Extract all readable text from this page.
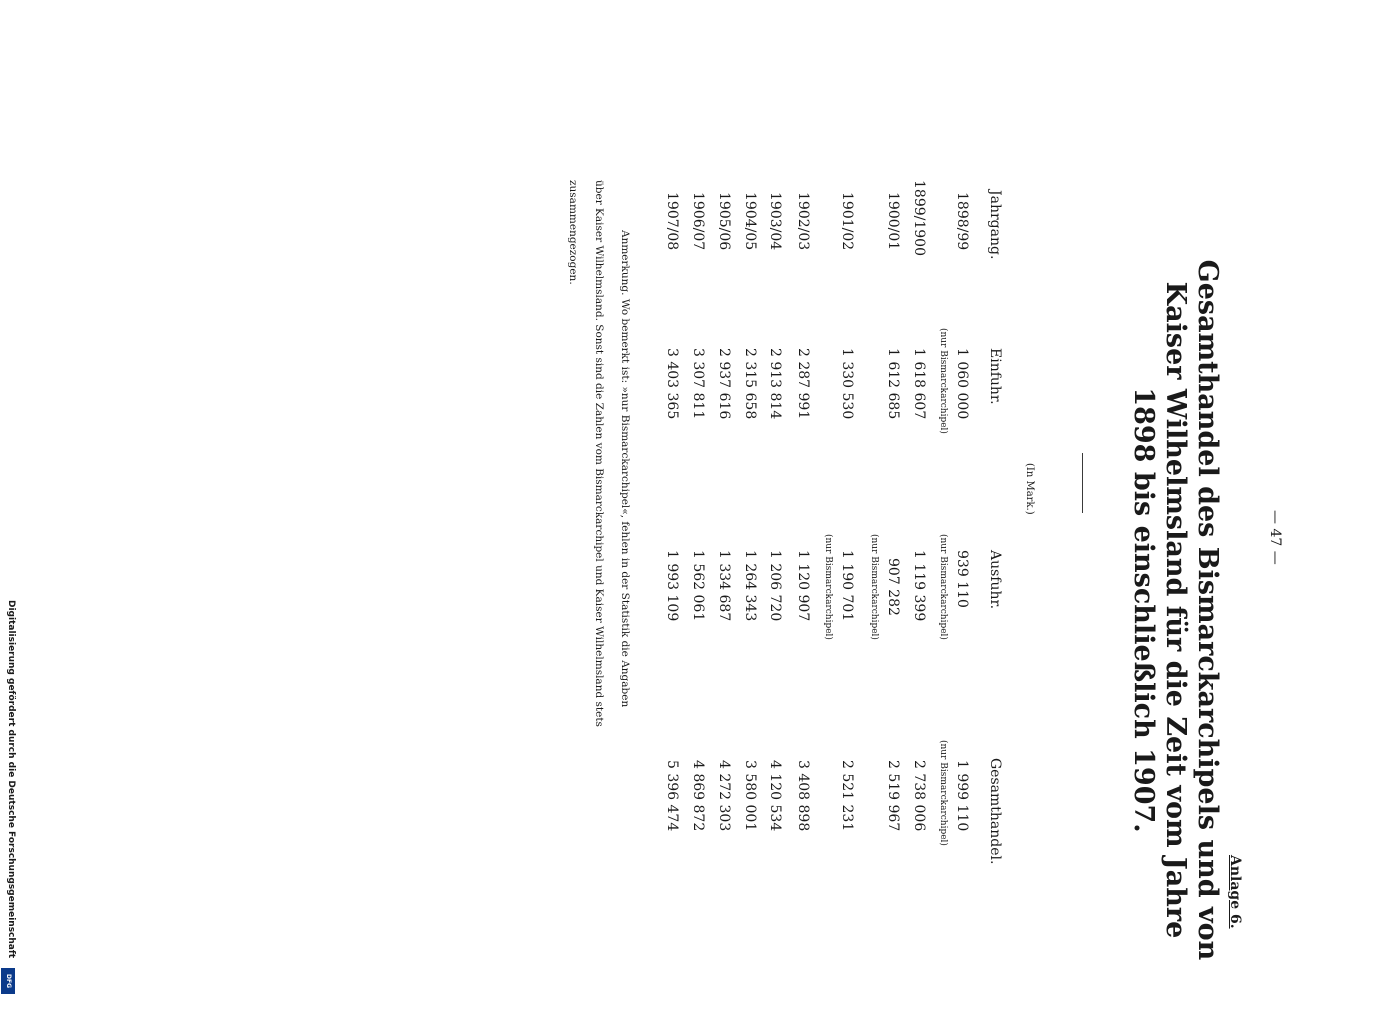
— 47 —
Anlage 6.
Gesamthandel des Bismarckarchipels und von
Kaiser Wilhelmsland für die Zeit vom Jahre
1898 bis einschließlich 1907.
(In Mark.)
Jahrgang.
Einfuhr.
Ausfuhr.
Gesamthandel.
1898/99
1 060 000
939 110
1 999 110
(nur Bismarckarchipel)
(nur Bismarckarchipel)
(nur Bismarckarchipel)
1899/1900
1 618 607
1 119 399
2 738 006
1900/01
1 612 685
907 282
2 519 967
(nur Bismarckarchipel)
1901/02
1 330 530
1 190 701
2 521 231
(nur Bismarckarchipel)
1902/03
2 287 991
1 120 907
3 408 898
1903/04
2 913 814
1 206 720
4 120 534
1904/05
2 315 658
1 264 343
3 580 001
1905/06
2 937 616
1 334 687
4 272 303
1906/07
3 307 811
1 562 061
4 869 872
1907/08
3 403 365
1 993 109
5 396 474
Anmerkung. Wo bemerkt ist: »nur Bismarckarchipel«, fehlen in der Statistik die Angaben
über Kaiser Wilhelmsland. Sonst sind die Zahlen vom Bismarckarchipel und Kaiser Wilhelmsland stets
zusammengezogen.
Digitalisierung gefördert durch die Deutsche Forschungsgemeinschaft
DFG
